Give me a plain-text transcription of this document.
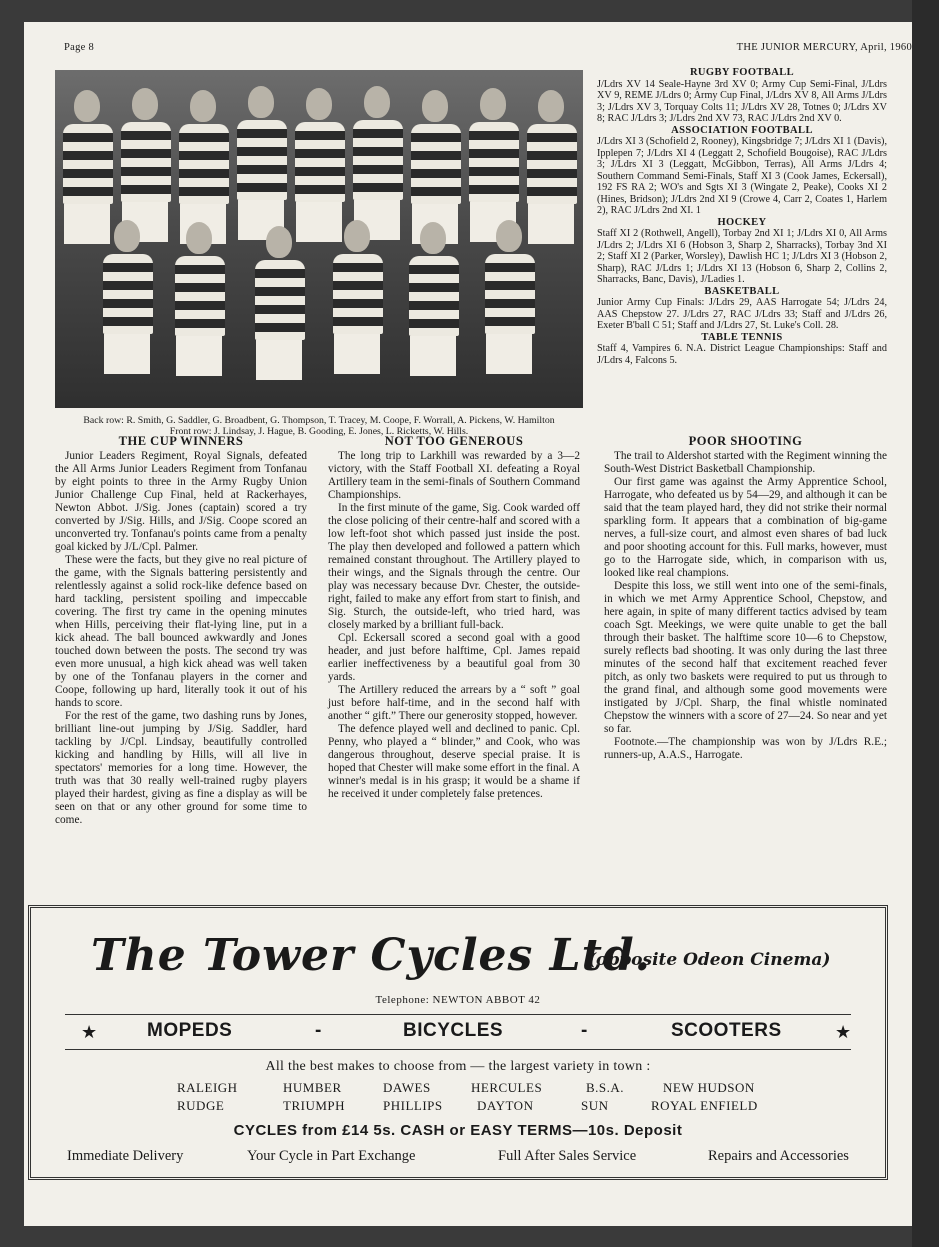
Page 8	THE JUNIOR MERCURY, April, 1960
Back row: R. Smith, G. Saddler, G. Broadbent, G. Thompson, T. Tracey, M. Coope, F. Worrall, A. Pickens, W. Hamilton
Front row: J. Lindsay, J. Hague, B. Gooding, E. Jones, L. Ricketts, W. Hills.

RUGBY FOOTBALL

J/Ldrs XV 14 Seale-Hayne 3rd XV 0; Army Cup Semi-Final, J/Ldrs XV 9, REME J/Ldrs 0; Army Cup Final, J/Ldrs XV 8, All Arms J/Ldrs 3; J/Ldrs XV 3, Torquay Colts 11; J/Ldrs XV 28, Totnes 0; J/Ldrs XV 8; RAC J/Ldrs 3; J/Ldrs 2nd XV 73, RAC J/Ldrs 2nd XV 0.

ASSOCIATION FOOTBALL

J/Ldrs XI 3 (Schofield 2, Rooney), Kingsbridge 7; J/Ldrs XI 1 (Davis), Ipplepen 7; J/Ldrs XI 4 (Leggatt 2, Schofield Bougoise), RAC J/Ldrs 3; J/Ldrs XI 3 (Leggatt, McGibbon, Terras), All Arms J/Ldrs 4; Southern Command Semi-Finals, Staff XI 3 (Cook James, Eckersall), 192 FS RA 2; WO's and Sgts XI 3 (Wingate 2, Peake), Cooks XI 2 (Hines, Bridson); J/Ldrs 2nd XI 9 (Crowe 4, Carr 2, Coates 1, Harlem 2), RAC J/Ldrs 2nd XI. 1

HOCKEY

Staff XI 2 (Rothwell, Angell), Torbay 2nd XI 1; J/Ldrs XI 0, All Arms J/Ldrs 2; J/Ldrs XI 6 (Hobson 3, Sharp 2, Sharracks), Torbay 3nd XI 2; Staff XI 2 (Parker, Worsley), Dawlish HC 1; J/Ldrs XI 3 (Hobson 2, Sharp), RAC J/Ldrs 1; J/Ldrs XI 13 (Hobson 6, Sharp 2, Collins 2, Sharracks, Banc, Davis), J/Ladies 1.

BASKETBALL

Junior Army Cup Finals: J/Ldrs 29, AAS Harrogate 54; J/Ldrs 24, AAS Chepstow 27. J/Ldrs 27, RAC J/Ldrs 33; Staff and J/Ldrs 26, Exeter B'ball C 51; Staff and J/Ldrs 27, St. Luke's Coll. 28.

TABLE TENNIS

Staff 4, Vampires 6. N.A. District League Championships: Staff and J/Ldrs 4, Falcons 5.

THE CUP WINNERS

Junior Leaders Regiment, Royal Signals, defeated the All Arms Junior Leaders Regiment from Tonfanau by eight points to three in the Army Rugby Union Junior Challenge Cup Final, held at Rackerhayes, Newton Abbot. J/Sig. Jones (captain) scored a try converted by J/Sig. Hills, and J/Sig. Coope scored an unconverted try. Tonfanau's points came from a penalty goal kicked by J/L/Cpl. Palmer.

These were the facts, but they give no real picture of the game, with the Signals battering persistently and relentlessly against a solid rock-like defence based on hard tackling, persistent spoiling and impeccable covering. The first try came in the opening minutes when Hills, perceiving their flat-lying line, put in a kick ahead. The ball bounced awkwardly and Jones touched down between the posts. The second try was even more unusual, a high kick ahead was well taken by one of the Tonfanau players in the corner and Coope, following up hard, literally took it out of his hands to score.

For the rest of the game, two dashing runs by Jones, brilliant line-out jumping by J/Sig. Saddler, hard tackling by J/Cpl. Lindsay, beautifully controlled kicking and handling by Hills, will all live in spectators' memories for a long time. However, the truth was that 30 really well-trained rugby players played their hardest, giving as fine a display as will be seen on that or any other ground for some time to come.

NOT TOO GENEROUS

The long trip to Larkhill was rewarded by a 3—2 victory, with the Staff Football XI. defeating a Royal Artillery team in the semi-finals of Southern Command Championships.

In the first minute of the game, Sig. Cook warded off the close policing of their centre-half and scored with a low left-foot shot which passed just inside the post. The play then developed and followed a pattern which remained constant throughout. The Artillery played to their wings, and the Signals through the centre. Our play was necessary because Dvr. Chester, the outside-right, failed to make any effort from start to finish, and Sig. Sturch, the outside-left, who tried hard, was closely marked by a brilliant full-back.

Cpl. Eckersall scored a second goal with a good header, and just before halftime, Cpl. James repaid earlier ineffectiveness by a beautiful goal from 30 yards.

The Artillery reduced the arrears by a “ soft ” goal just before half-time, and in the second half with another “ gift.” There our generosity stopped, however.

The defence played well and declined to panic. Cpl. Penny, who played a “ blinder,” and Cook, who was dangerous throughout, deserve special praise. It is hoped that Chester will make some effort in the final. A winner's medal is in his grasp; it would be a shame if he received it under completely false pretences.

POOR SHOOTING

The trail to Aldershot started with the Regiment winning the South-West District Basketball Championship.

Our first game was against the Army Apprentice School, Harrogate, who defeated us by 54—29, and although it can be said that the team played hard, they did not strike their normal sparkling form. It appears that a combination of big-game nerves, a full-size court, and almost even shares of bad luck and poor shooting account for this. Full marks, however, must go to the Harrogate side, which, in comparison with us, looked like real champions.

Despite this loss, we still went into one of the semi-finals, in which we met Army Apprentice School, Chepstow, and here again, in spite of many different tactics advised by team coach Sgt. Meekings, we were quite unable to get the ball through their basket. The halftime score 10—6 to Chepstow, surely reflects bad shooting. It was only during the last three minutes of the second half that excitement reached fever pitch, as only two baskets were required to put us through to the grand final, and although some good movements were instigated by J/Cpl. Sharp, the final whistle nominated Chepstow the winners with a score of 27—24. So near and yet so far.

Footnote.—The championship was won by J/Ldrs R.E.; runners-up, A.A.S., Harrogate.

The Tower Cycles Ltd.
(opposite Odeon Cinema)
Telephone: NEWTON ABBOT 42
★	MOPEDS	-	BICYCLES	-	SCOOTERS	★
All the best makes to choose from — the largest variety in town :
RALEIGH	HUMBER	DAWES	HERCULES	B.S.A.	NEW HUDSON
RUDGE	TRIUMPH	PHILLIPS	DAYTON	SUN	ROYAL ENFIELD
CYCLES from £14 5s. CASH or EASY TERMS—10s. Deposit
Immediate Delivery	Your Cycle in Part Exchange	Full After Sales Service	Repairs and Accessories
